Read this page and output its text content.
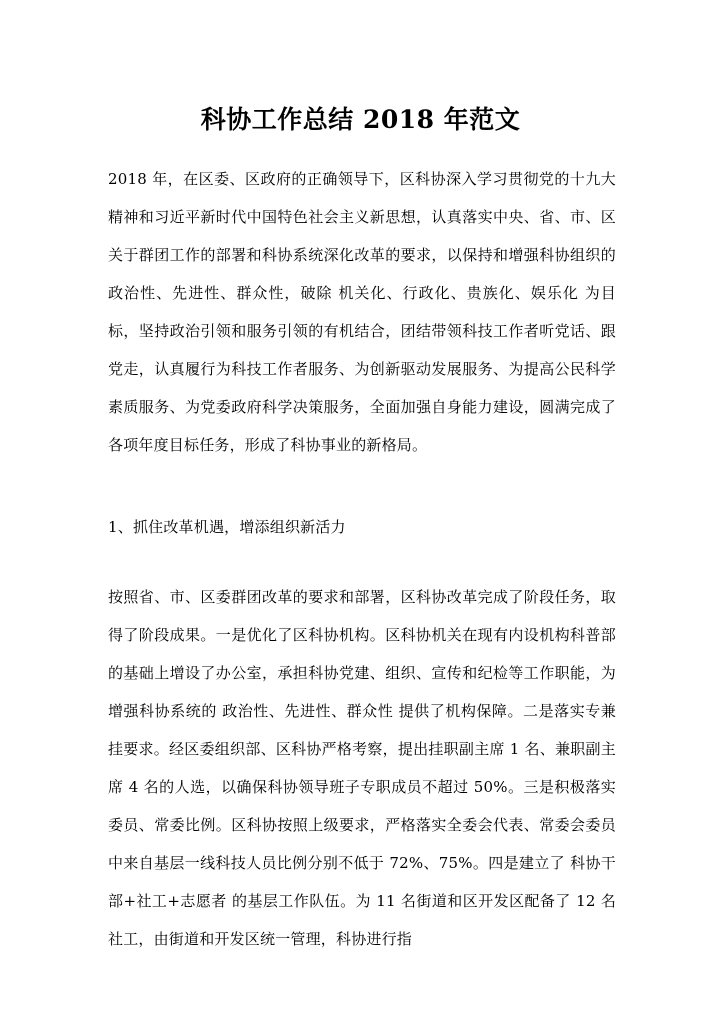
科协工作总结 2018 年范文

2018 年，在区委、区政府的正确领导下，区科协深入学习贯彻党的十九大精神和习近平新时代中国特色社会主义新思想，认真落实中央、省、市、区关于群团工作的部署和科协系统深化改革的要求，以保持和增强科协组织的政治性、先进性、群众性，破除 机关化、行政化、贵族化、娱乐化 为目标，坚持政治引领和服务引领的有机结合，团结带领科技工作者听党话、跟党走，认真履行为科技工作者服务、为创新驱动发展服务、为提高公民科学素质服务、为党委政府科学决策服务，全面加强自身能力建设，圆满完成了各项年度目标任务，形成了科协事业的新格局。

1、抓住改革机遇，增添组织新活力

按照省、市、区委群团改革的要求和部署，区科协改革完成了阶段任务，取得了阶段成果。一是优化了区科协机构。区科协机关在现有内设机构科普部的基础上增设了办公室，承担科协党建、组织、宣传和纪检等工作职能，为增强科协系统的 政治性、先进性、群众性 提供了机构保障。二是落实专兼挂要求。经区委组织部、区科协严格考察，提出挂职副主席 1 名、兼职副主席 4 名的人选，以确保科协领导班子专职成员不超过 50%。三是积极落实委员、常委比例。区科协按照上级要求，严格落实全委会代表、常委会委员中来自基层一线科技人员比例分别不低于 72%、75%。四是建立了 科协干部+社工+志愿者 的基层工作队伍。为 11 名街道和区开发区配备了 12 名社工，由街道和开发区统一管理，科协进行指
